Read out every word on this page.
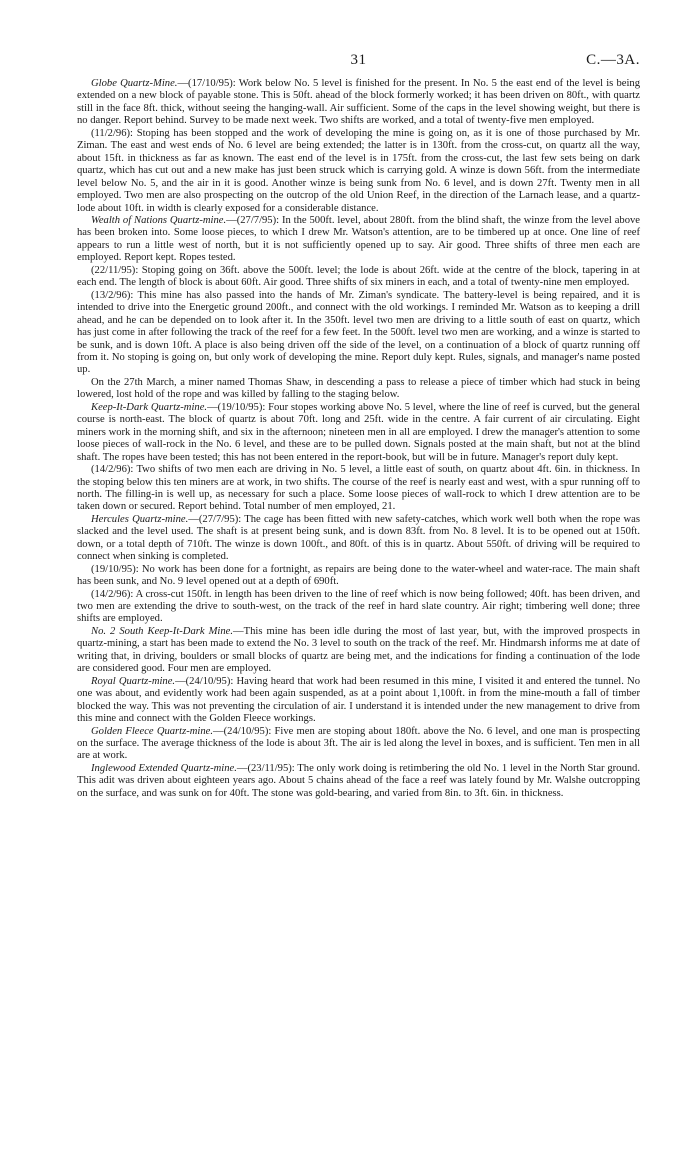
31	C.—3A.

Globe Quartz-Mine.—(17/10/95): Work below No. 5 level is finished for the present. In No. 5 the east end of the level is being extended on a new block of payable stone. This is 50ft. ahead of the block formerly worked; it has been driven on 80ft., with quartz still in the face 8ft. thick, without seeing the hanging-wall. Air sufficient. Some of the caps in the level showing weight, but there is no danger. Report behind. Survey to be made next week. Two shifts are worked, and a total of twenty-five men employed.

(11/2/96): Stoping has been stopped and the work of developing the mine is going on, as it is one of those purchased by Mr. Ziman. The east and west ends of No. 6 level are being extended; the latter is in 130ft. from the cross-cut, on quartz all the way, about 15ft. in thickness as far as known. The east end of the level is in 175ft. from the cross-cut, the last few sets being on dark quartz, which has cut out and a new make has just been struck which is carrying gold. A winze is down 56ft. from the intermediate level below No. 5, and the air in it is good. Another winze is being sunk from No. 6 level, and is down 27ft. Twenty men in all employed. Two men are also prospecting on the outcrop of the old Union Reef, in the direction of the Larnach lease, and a quartz-lode about 10ft. in width is clearly exposed for a considerable distance.

Wealth of Nations Quartz-mine.—(27/7/95): In the 500ft. level, about 280ft. from the blind shaft, the winze from the level above has been broken into. Some loose pieces, to which I drew Mr. Watson's attention, are to be timbered up at once. One line of reef appears to run a little west of north, but it is not sufficiently opened up to say. Air good. Three shifts of three men each are employed. Report kept. Ropes tested.

(22/11/95): Stoping going on 36ft. above the 500ft. level; the lode is about 26ft. wide at the centre of the block, tapering in at each end. The length of block is about 60ft. Air good. Three shifts of six miners in each, and a total of twenty-nine men employed.

(13/2/96): This mine has also passed into the hands of Mr. Ziman's syndicate. The battery-level is being repaired, and it is intended to drive into the Energetic ground 200ft., and connect with the old workings. I reminded Mr. Watson as to keeping a drill ahead, and he can be depended on to look after it. In the 350ft. level two men are driving to a little south of east on quartz, which has just come in after following the track of the reef for a few feet. In the 500ft. level two men are working, and a winze is started to be sunk, and is down 10ft. A place is also being driven off the side of the level, on a continuation of a block of quartz running off from it. No stoping is going on, but only work of developing the mine. Report duly kept. Rules, signals, and manager's name posted up.

On the 27th March, a miner named Thomas Shaw, in descending a pass to release a piece of timber which had stuck in being lowered, lost hold of the rope and was killed by falling to the staging below.

Keep-It-Dark Quartz-mine.—(19/10/95): Four stopes working above No. 5 level, where the line of reef is curved, but the general course is north-east. The block of quartz is about 70ft. long and 25ft. wide in the centre. A fair current of air circulating. Eight miners work in the morning shift, and six in the afternoon; nineteen men in all are employed. I drew the manager's attention to some loose pieces of wall-rock in the No. 6 level, and these are to be pulled down. Signals posted at the main shaft, but not at the blind shaft. The ropes have been tested; this has not been entered in the report-book, but will be in future. Manager's report duly kept.

(14/2/96): Two shifts of two men each are driving in No. 5 level, a little east of south, on quartz about 4ft. 6in. in thickness. In the stoping below this ten miners are at work, in two shifts. The course of the reef is nearly east and west, with a spur running off to north. The filling-in is well up, as necessary for such a place. Some loose pieces of wall-rock to which I drew attention are to be taken down or secured. Report behind. Total number of men employed, 21.

Hercules Quartz-mine.—(27/7/95): The cage has been fitted with new safety-catches, which work well both when the rope was slacked and the level used. The shaft is at present being sunk, and is down 83ft. from No. 8 level. It is to be opened out at 150ft. down, or a total depth of 710ft. The winze is down 100ft., and 80ft. of this is in quartz. About 550ft. of driving will be required to connect when sinking is completed.

(19/10/95): No work has been done for a fortnight, as repairs are being done to the water-wheel and water-race. The main shaft has been sunk, and No. 9 level opened out at a depth of 690ft.

(14/2/96): A cross-cut 150ft. in length has been driven to the line of reef which is now being followed; 40ft. has been driven, and two men are extending the drive to south-west, on the track of the reef in hard slate country. Air right; timbering well done; three shifts are employed.

No. 2 South Keep-It-Dark Mine.—This mine has been idle during the most of last year, but, with the improved prospects in quartz-mining, a start has been made to extend the No. 3 level to south on the track of the reef. Mr. Hindmarsh informs me at date of writing that, in driving, boulders or small blocks of quartz are being met, and the indications for finding a continuation of the lode are considered good. Four men are employed.

Royal Quartz-mine.—(24/10/95): Having heard that work had been resumed in this mine, I visited it and entered the tunnel. No one was about, and evidently work had been again suspended, as at a point about 1,100ft. in from the mine-mouth a fall of timber blocked the way. This was not preventing the circulation of air. I understand it is intended under the new management to drive from this mine and connect with the Golden Fleece workings.

Golden Fleece Quartz-mine.—(24/10/95): Five men are stoping about 180ft. above the No. 6 level, and one man is prospecting on the surface. The average thickness of the lode is about 3ft. The air is led along the level in boxes, and is sufficient. Ten men in all are at work.

Inglewood Extended Quartz-mine.—(23/11/95): The only work doing is retimbering the old No. 1 level in the North Star ground. This adit was driven about eighteen years ago. About 5 chains ahead of the face a reef was lately found by Mr. Walshe outcropping on the surface, and was sunk on for 40ft. The stone was gold-bearing, and varied from 8in. to 3ft. 6in. in thickness.
